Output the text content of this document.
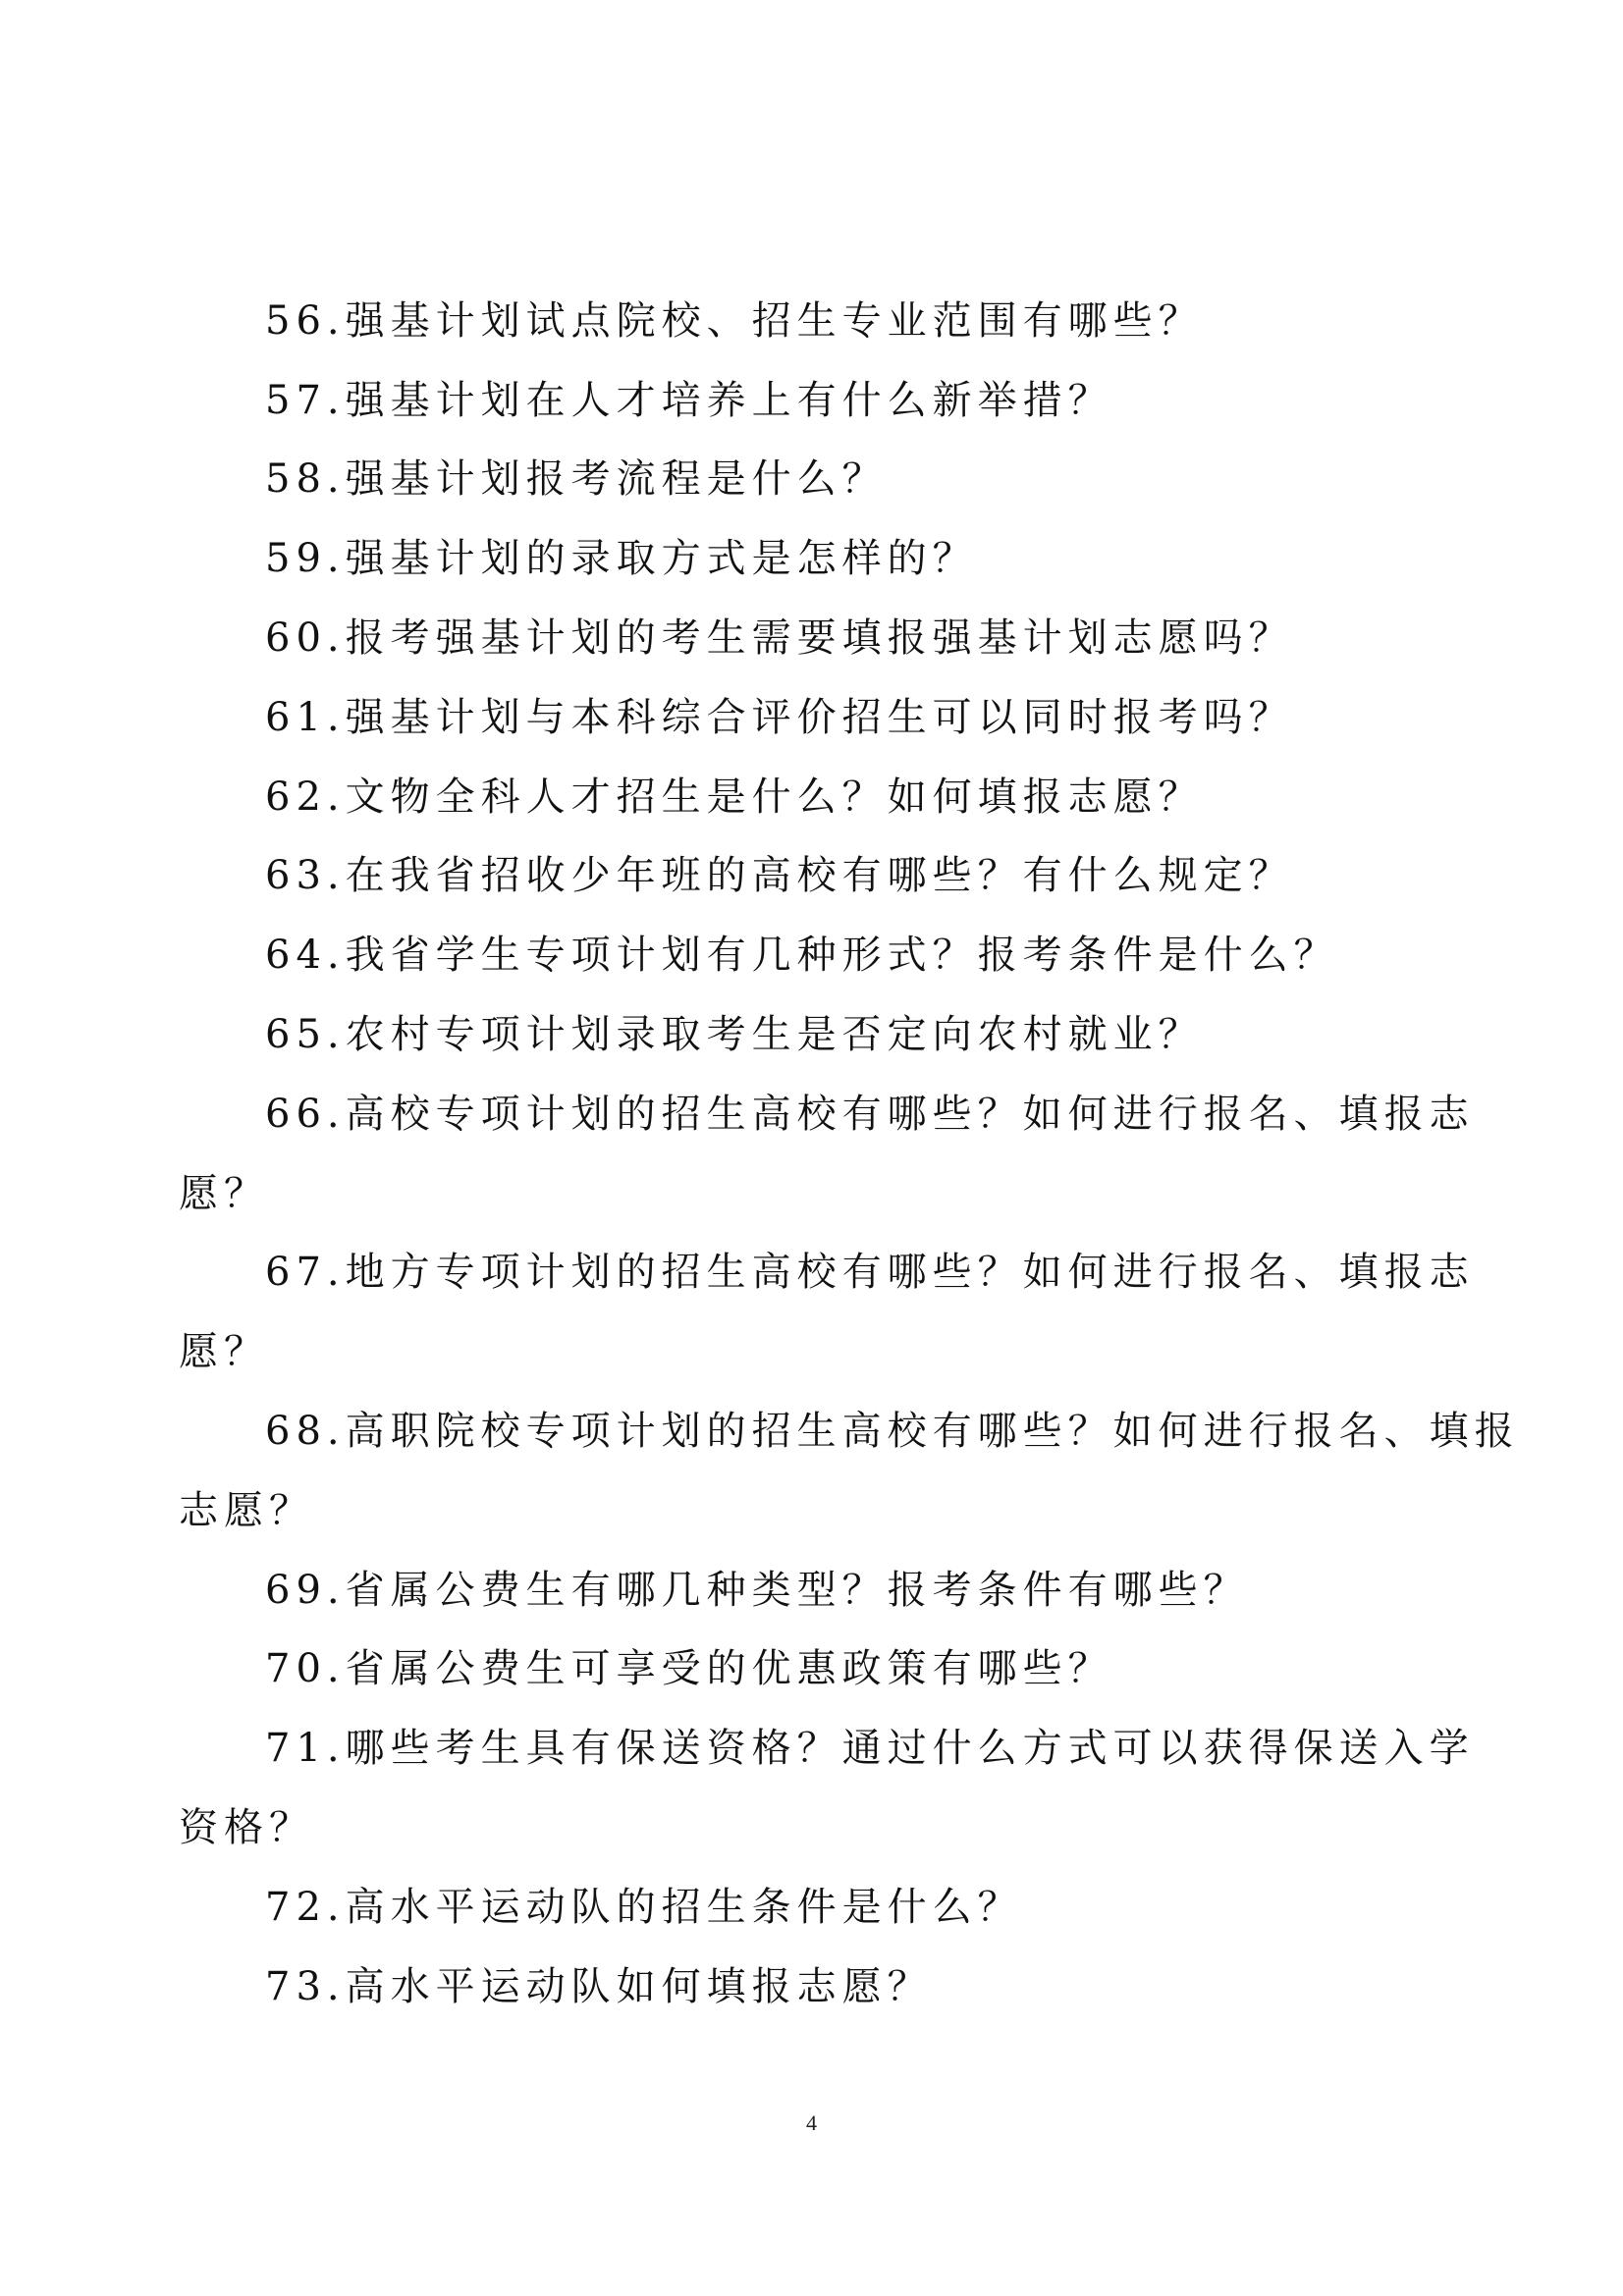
56.强基计划试点院校、招生专业范围有哪些？
57.强基计划在人才培养上有什么新举措？
58.强基计划报考流程是什么？
59.强基计划的录取方式是怎样的？
60.报考强基计划的考生需要填报强基计划志愿吗？
61.强基计划与本科综合评价招生可以同时报考吗？
62.文物全科人才招生是什么？如何填报志愿？
63.在我省招收少年班的高校有哪些？有什么规定？
64.我省学生专项计划有几种形式？报考条件是什么？
65.农村专项计划录取考生是否定向农村就业？
66.高校专项计划的招生高校有哪些？如何进行报名、填报志
愿？
67.地方专项计划的招生高校有哪些？如何进行报名、填报志
愿？
68.高职院校专项计划的招生高校有哪些？如何进行报名、填报
志愿？
69.省属公费生有哪几种类型？报考条件有哪些？
70.省属公费生可享受的优惠政策有哪些？
71.哪些考生具有保送资格？通过什么方式可以获得保送入学
资格？
72.高水平运动队的招生条件是什么？
73.高水平运动队如何填报志愿？
4
